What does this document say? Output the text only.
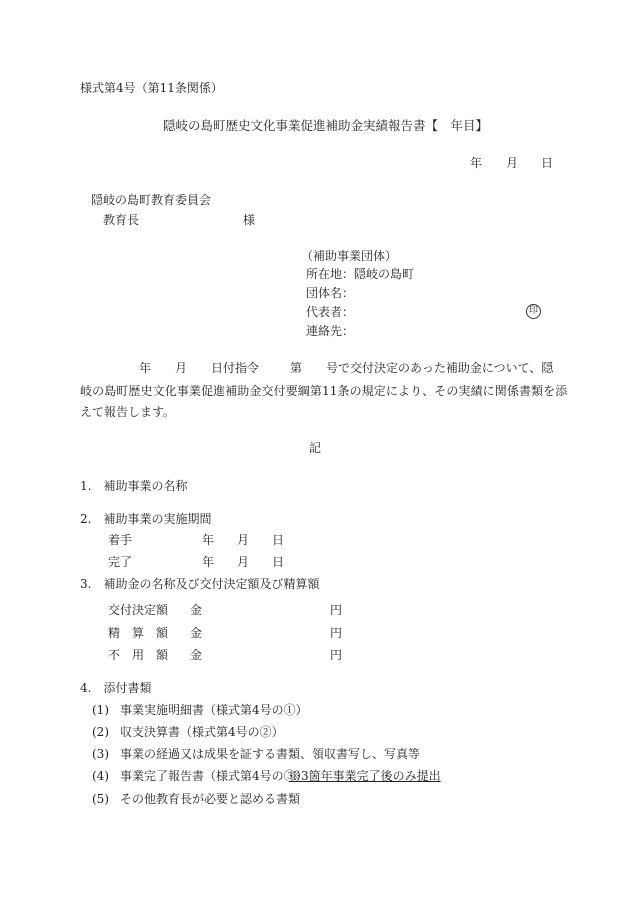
様式第4号（第11条関係）
隠岐の島町歴史文化事業促進補助金実績報告書【　年目】
年 月 日
隠岐の島町教育委員会
教育長	様
（補助事業団体）
所在地：隠岐の島町
団体名：
代表者：	印
連絡先：
年 月 日付指令	第 号で交付決定のあった補助金について、隠
岐の島町歴史文化事業促進補助金交付要綱第11条の規定により、その実績に関係書類を添
えて報告します。
記
1.　補助事業の名称
2.　補助事業の実施期間
着手	年 月 日
完了	年 月 日
3.　補助金の名称及び交付決定額及び精算額
交付決定額 金	円
精　算　額 金	円
不　用　額 金	円
4.　添付書類
(1) 事業実施明細書（様式第4号の①）
(2) 収支決算書（様式第4号の②）
(3) 事業の経過又は成果を証する書類、領収書写し、写真等
(4) 事業完了報告書（様式第4号の③）
※3箇年事業完了後のみ提出
(5) その他教育長が必要と認める書類
